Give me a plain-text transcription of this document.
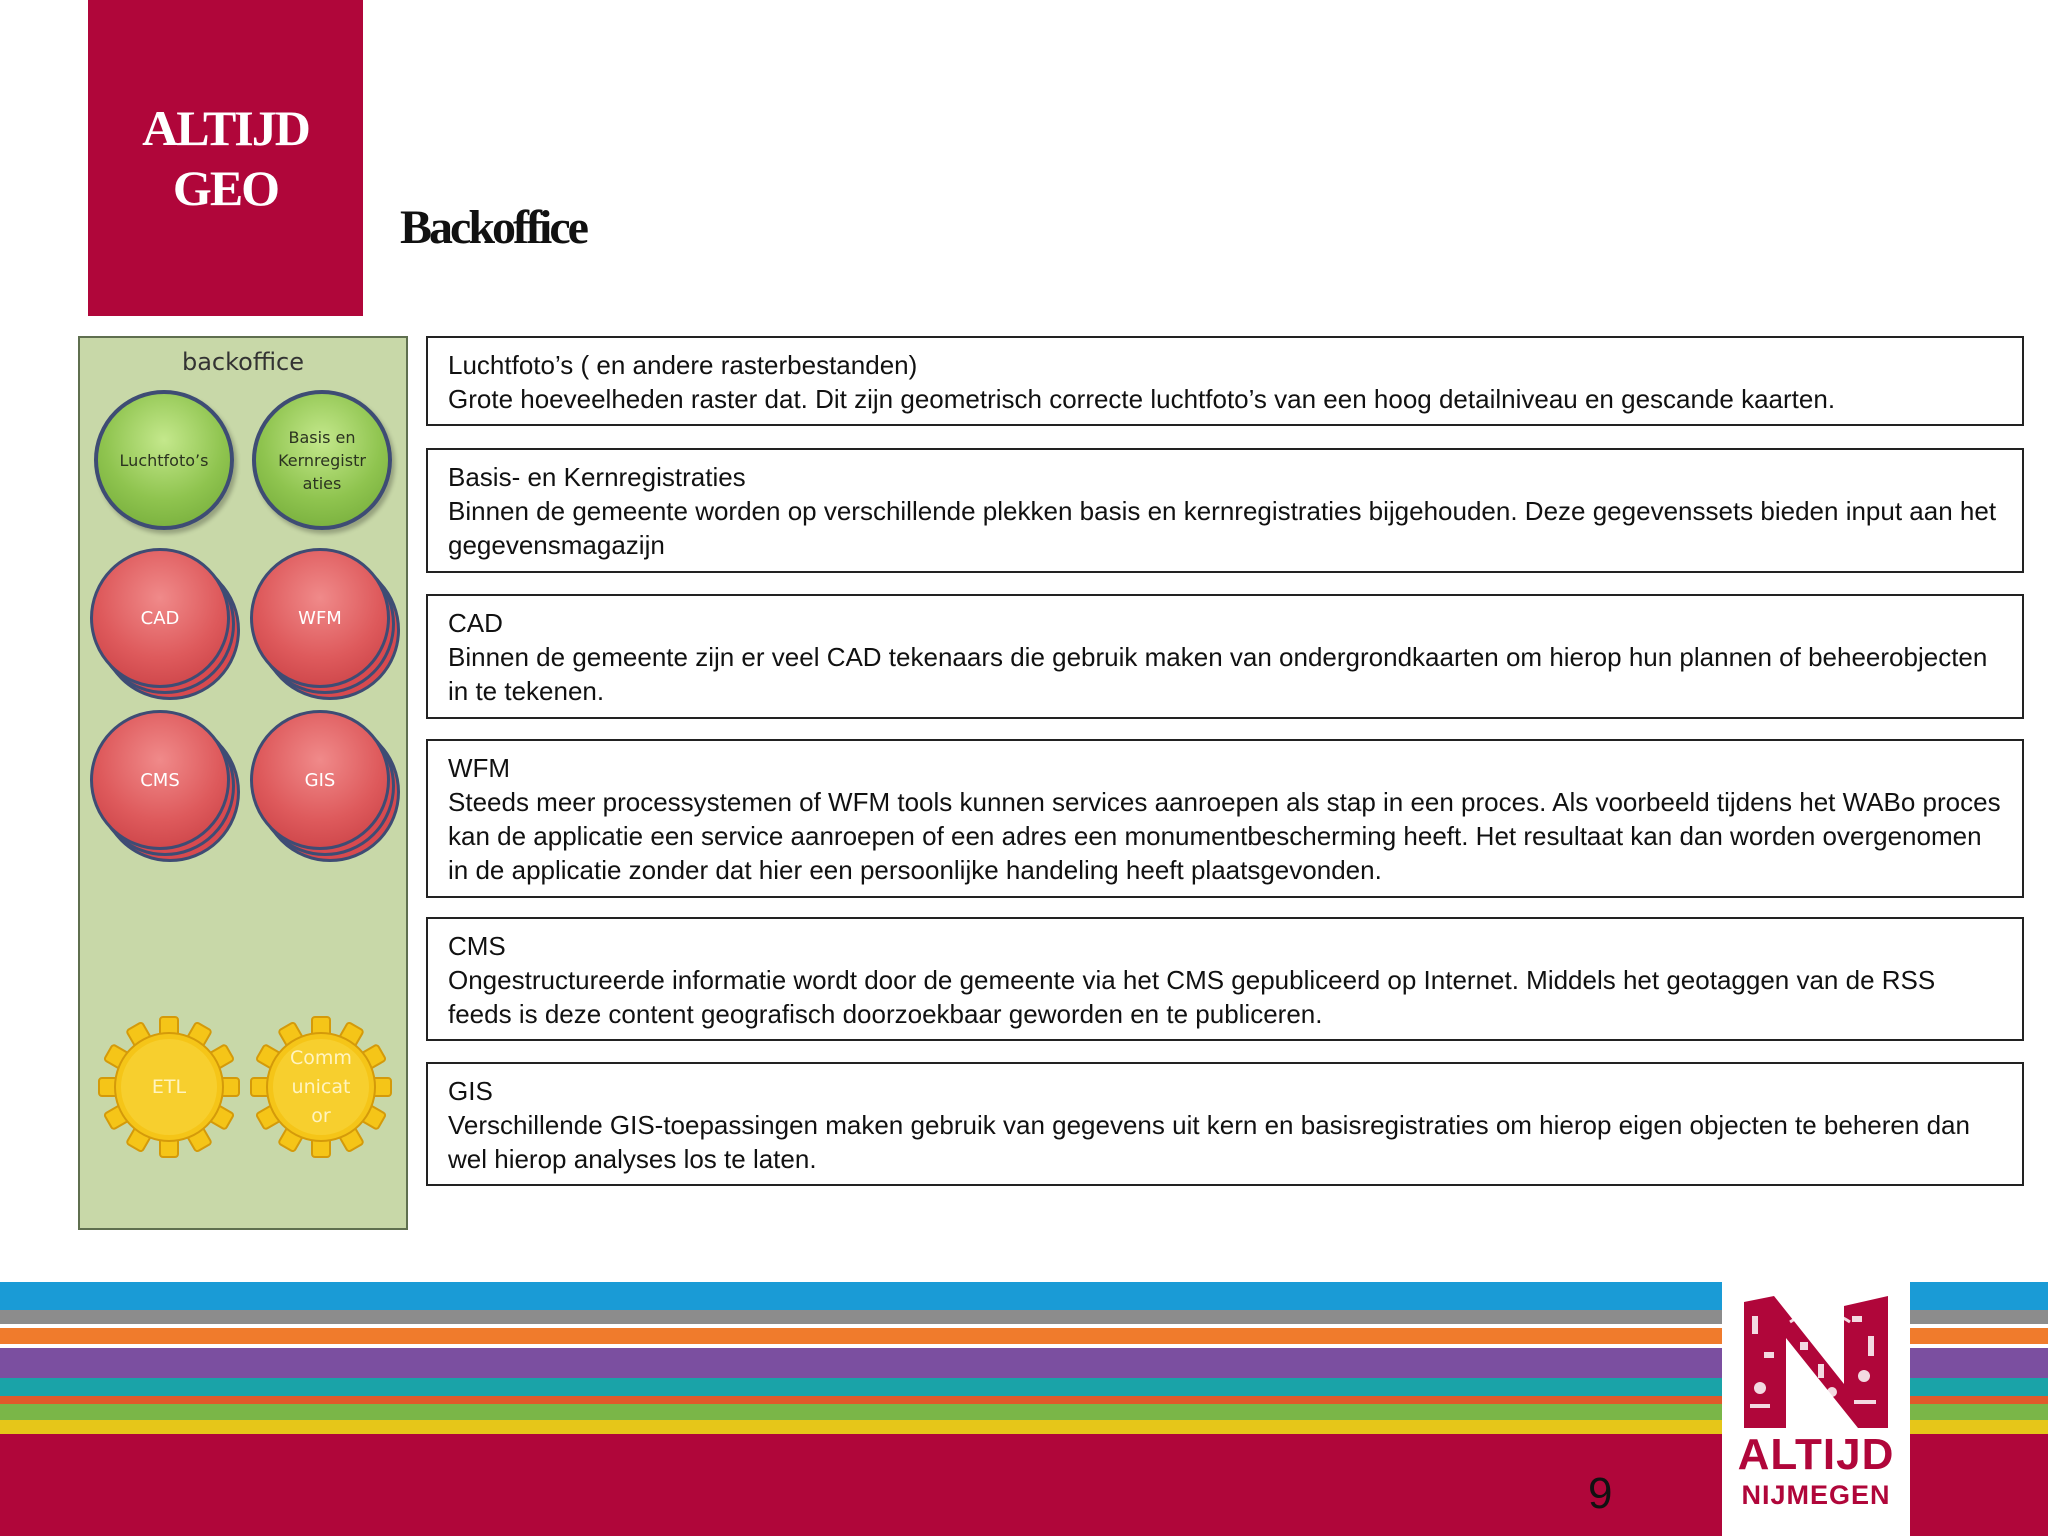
ALTIJD
GEO
Backoffice
backoffice
Luchtfoto’s
Basis en
Kernregistr
aties
CAD	WFM
CMS	GIS
ETL
Comm
unicat
or
Luchtfoto’s ( en andere rasterbestanden)
Grote hoeveelheden raster dat. Dit zijn geometrisch correcte luchtfoto’s van een hoog detailniveau en gescande kaarten.
Basis- en Kernregistraties
Binnen de gemeente worden op verschillende plekken basis en kernregistraties bijgehouden. Deze gegevenssets bieden input aan het gegevensmagazijn
CAD
Binnen de gemeente zijn er veel CAD tekenaars die gebruik maken van ondergrondkaarten om hierop hun plannen of beheerobjecten in te tekenen.
WFM
Steeds meer processystemen of WFM tools kunnen services aanroepen als stap in een proces. Als voorbeeld tijdens het WABo proces kan de applicatie een service aanroepen of een adres een monumentbescherming heeft. Het resultaat kan dan worden overgenomen in de applicatie zonder dat hier een persoonlijke handeling heeft plaatsgevonden.
CMS
Ongestructureerde informatie wordt door de gemeente via het CMS gepubliceerd op Internet. Middels het geotaggen van de RSS feeds is deze content geografisch doorzoekbaar geworden en te publiceren.
GIS
Verschillende GIS-toepassingen maken gebruik van gegevens uit kern en basisregistraties om hierop eigen objecten te beheren dan wel hierop analyses los te laten.
9
ALTIJD
NIJMEGEN
